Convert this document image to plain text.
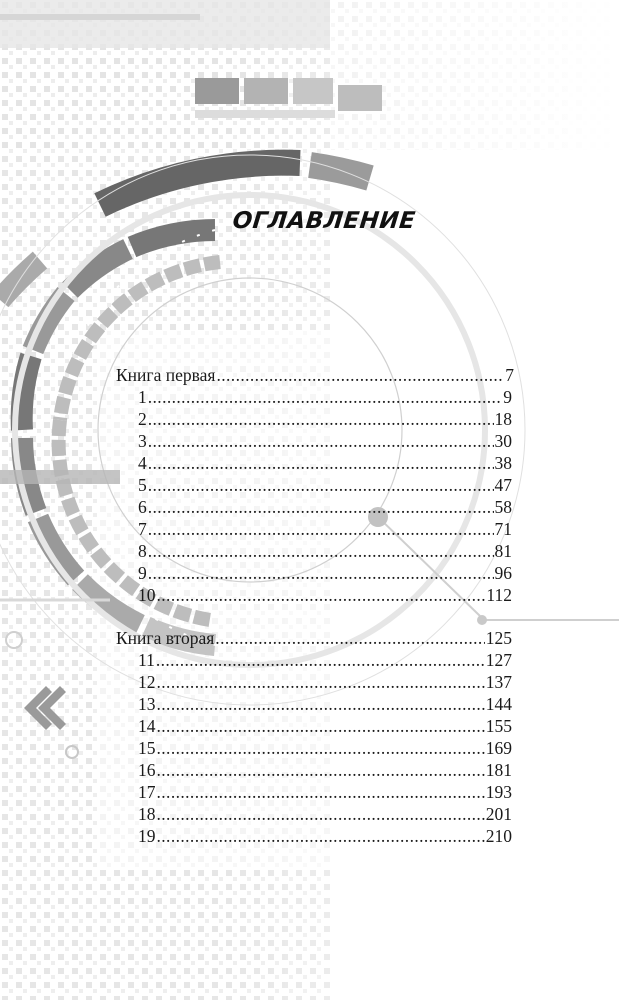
ОГЛАВЛЕНИЕ
Книга первая .....	7
1 .....	9
2 .....	18
3 .....	30
4 .....	38
5 .....	47
6 .....	58
7 .....	71
8 .....	81
9 .....	96
10 .....	112
Книга вторая .....	125
11 .....	127
12 .....	137
13 .....	144
14 .....	155
15 .....	169
16 .....	181
17 .....	193
18 .....	201
19 .....	210
